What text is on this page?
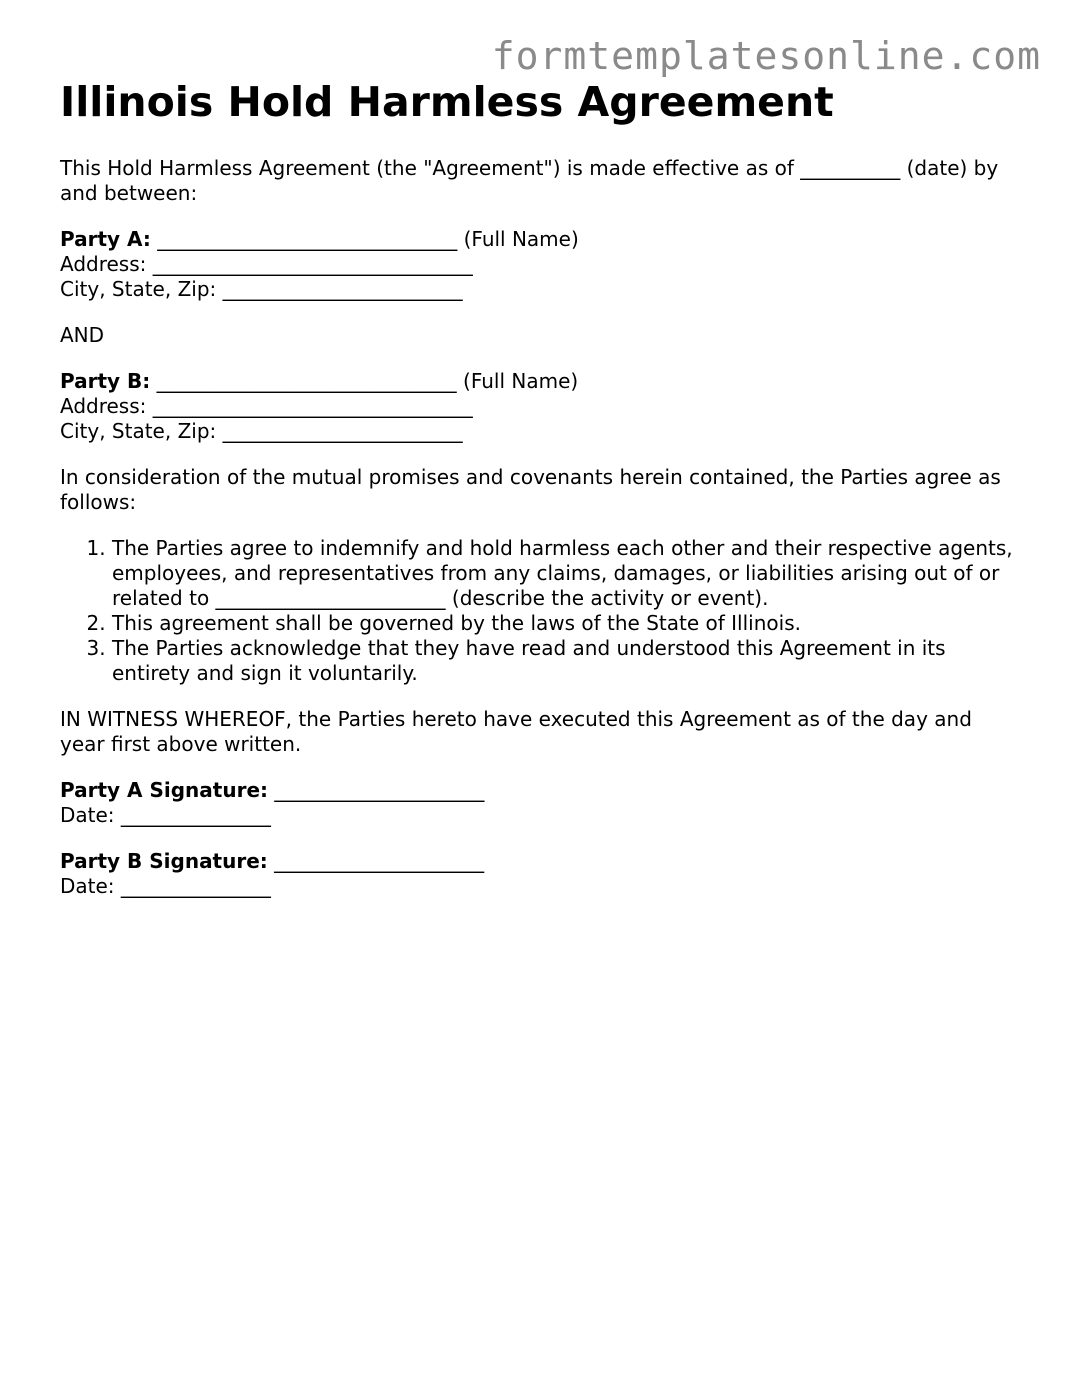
formtemplatesonline.com
Illinois Hold Harmless Agreement

This Hold Harmless Agreement (the "Agreement") is made effective as of __________ (date) by and between:

Party A: ______________________________ (Full Name)
Address: ________________________________
City, State, Zip: ________________________

AND

Party B: ______________________________ (Full Name)
Address: ________________________________
City, State, Zip: ________________________

In consideration of the mutual promises and covenants herein contained, the Parties agree as follows:

1. The Parties agree to indemnify and hold harmless each other and their respective agents, employees, and representatives from any claims, damages, or liabilities arising out of or related to _______________________ (describe the activity or event).
2. This agreement shall be governed by the laws of the State of Illinois.
3. The Parties acknowledge that they have read and understood this Agreement in its entirety and sign it voluntarily.

IN WITNESS WHEREOF, the Parties hereto have executed this Agreement as of the day and year first above written.

Party A Signature: _____________________
Date: _______________
Party B Signature: _____________________
Date: _______________
